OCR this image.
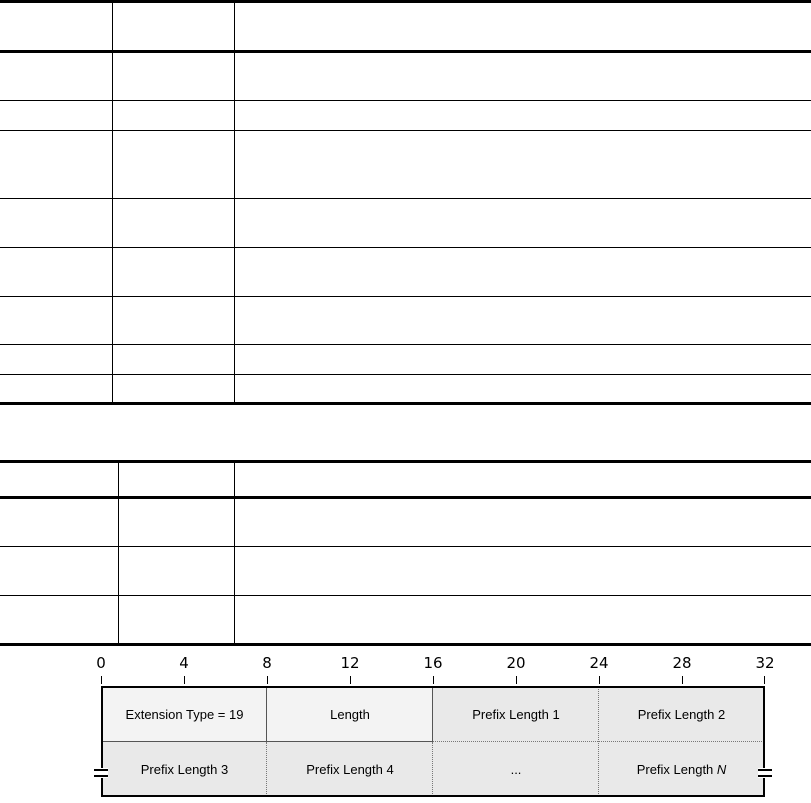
0	4	8	12	16	20	24	28	32
Extension Type = 19	Length	Prefix Length 1	Prefix Length 2
Prefix Length 3	Prefix Length 4	...	Prefix Length N
